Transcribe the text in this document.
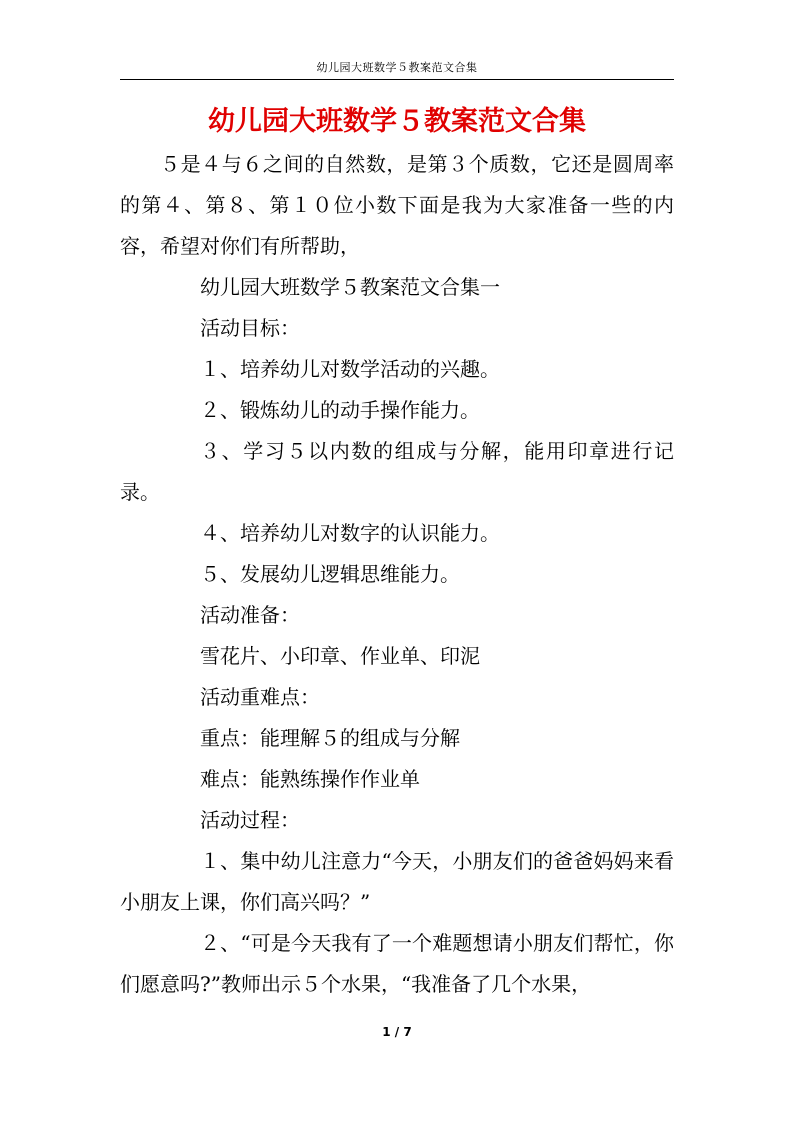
幼儿园大班数学５教案范文合集
幼儿园大班数学５教案范文合集

５是４与６之间的自然数，是第３个质数，它还是圆周率的第４、第８、第１０位小数下面是我为大家准备一些的内容，希望对你们有所帮助，

幼儿园大班数学５教案范文合集一

活动目标：

１、培养幼儿对数学活动的兴趣。

２、锻炼幼儿的动手操作能力。

３、学习５以内数的组成与分解，能用印章进行记录。

４、培养幼儿对数字的认识能力。

５、发展幼儿逻辑思维能力。

活动准备：

雪花片、小印章、作业单、印泥

活动重难点：

重点：能理解５的组成与分解

难点：能熟练操作作业单

活动过程：

１、集中幼儿注意力“今天，小朋友们的爸爸妈妈来看小朋友上课，你们高兴吗？”

２、“可是今天我有了一个难题想请小朋友们帮忙，你们愿意吗?”教师出示５个水果，“我准备了几个水果，

1 / 7
